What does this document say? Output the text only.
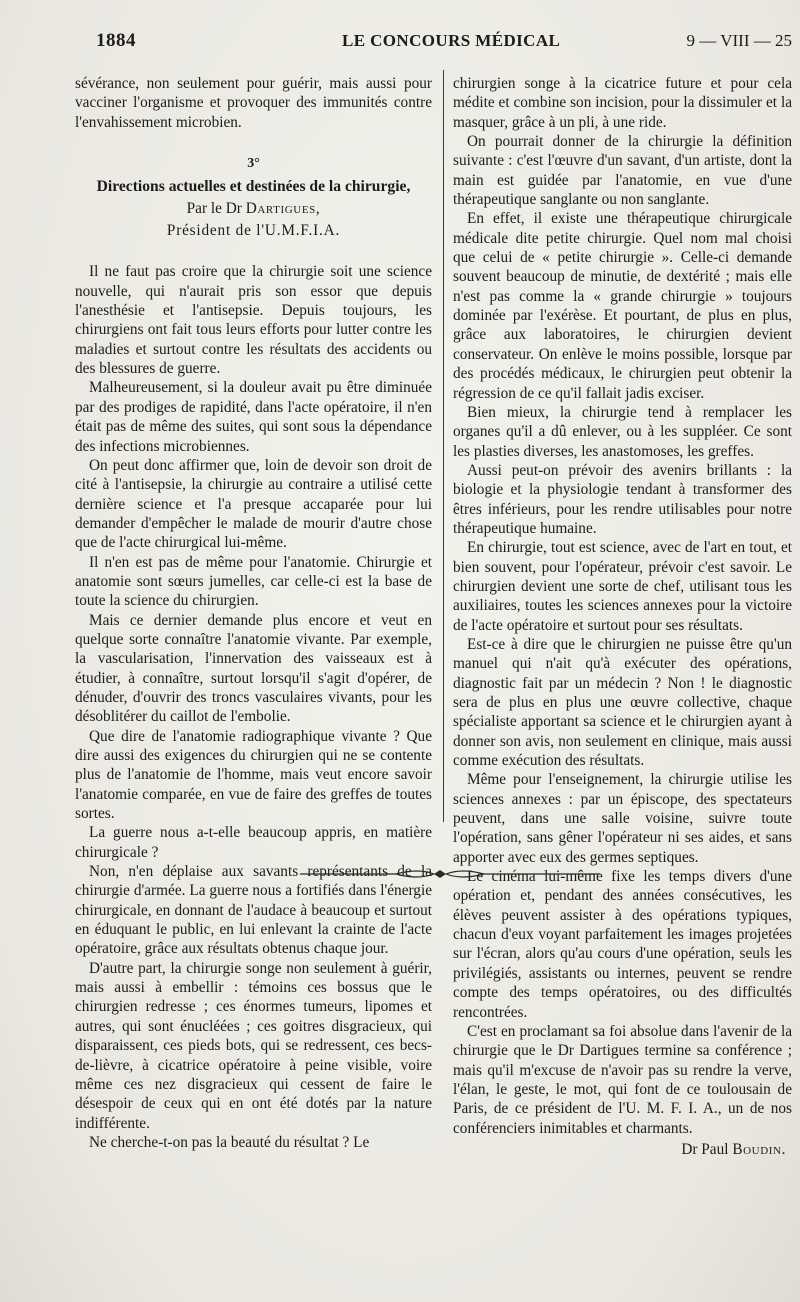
1884	LE CONCOURS MÉDICAL	9 — VIII — 25

sévérance, non seulement pour guérir, mais aussi pour vacciner l'organisme et provoquer des immunités contre l'envahissement microbien.

3°

Directions actuelles et destinées de la chirurgie,

Par le Dr Dartigues,

Président de l'U.M.F.I.A.

Il ne faut pas croire que la chirurgie soit une science nouvelle, qui n'aurait pris son essor que depuis l'anesthésie et l'antisepsie. Depuis toujours, les chirurgiens ont fait tous leurs efforts pour lutter contre les maladies et surtout contre les résultats des accidents ou des blessures de guerre.

Malheureusement, si la douleur avait pu être diminuée par des prodiges de rapidité, dans l'acte opératoire, il n'en était pas de même des suites, qui sont sous la dépendance des infections microbiennes.

On peut donc affirmer que, loin de devoir son droit de cité à l'antisepsie, la chirurgie au contraire a utilisé cette dernière science et l'a presque accaparée pour lui demander d'empêcher le malade de mourir d'autre chose que de l'acte chirurgical lui-même.

Il n'en est pas de même pour l'anatomie. Chirurgie et anatomie sont sœurs jumelles, car celle-ci est la base de toute la science du chirurgien.

Mais ce dernier demande plus encore et veut en quelque sorte connaître l'anatomie vivante. Par exemple, la vascularisation, l'innervation des vaisseaux est à étudier, à connaître, surtout lorsqu'il s'agit d'opérer, de dénuder, d'ouvrir des troncs vasculaires vivants, pour les désoblitérer du caillot de l'embolie.

Que dire de l'anatomie radiographique vivante ? Que dire aussi des exigences du chirurgien qui ne se contente plus de l'anatomie de l'homme, mais veut encore savoir l'anatomie comparée, en vue de faire des greffes de toutes sortes.

La guerre nous a-t-elle beaucoup appris, en matière chirurgicale ?

Non, n'en déplaise aux savants représentants de la chirurgie d'armée. La guerre nous a fortifiés dans l'énergie chirurgicale, en donnant de l'audace à beaucoup et surtout en éduquant le public, en lui enlevant la crainte de l'acte opératoire, grâce aux résultats obtenus chaque jour.

D'autre part, la chirurgie songe non seulement à guérir, mais aussi à embellir : témoins ces bossus que le chirurgien redresse ; ces énormes tumeurs, lipomes et autres, qui sont énucléées ; ces goitres disgracieux, qui disparaissent, ces pieds bots, qui se redressent, ces becs-de-lièvre, à cicatrice opératoire à peine visible, voire même ces nez disgracieux qui cessent de faire le désespoir de ceux qui en ont été dotés par la nature indifférente.

Ne cherche-t-on pas la beauté du résultat ? Le

chirurgien songe à la cicatrice future et pour cela médite et combine son incision, pour la dissimuler et la masquer, grâce à un pli, à une ride.

On pourrait donner de la chirurgie la définition suivante : c'est l'œuvre d'un savant, d'un artiste, dont la main est guidée par l'anatomie, en vue d'une thérapeutique sanglante ou non sanglante.

En effet, il existe une thérapeutique chirurgicale médicale dite petite chirurgie. Quel nom mal choisi que celui de « petite chirurgie ». Celle-ci demande souvent beaucoup de minutie, de dextérité ; mais elle n'est pas comme la « grande chirurgie » toujours dominée par l'exérèse. Et pourtant, de plus en plus, grâce aux laboratoires, le chirurgien devient conservateur. On enlève le moins possible, lorsque par des procédés médicaux, le chirurgien peut obtenir la régression de ce qu'il fallait jadis exciser.

Bien mieux, la chirurgie tend à remplacer les organes qu'il a dû enlever, ou à les suppléer. Ce sont les plasties diverses, les anastomoses, les greffes.

Aussi peut-on prévoir des avenirs brillants : la biologie et la physiologie tendant à transformer des êtres inférieurs, pour les rendre utilisables pour notre thérapeutique humaine.

En chirurgie, tout est science, avec de l'art en tout, et bien souvent, pour l'opérateur, prévoir c'est savoir. Le chirurgien devient une sorte de chef, utilisant tous les auxiliaires, toutes les sciences annexes pour la victoire de l'acte opératoire et surtout pour ses résultats.

Est-ce à dire que le chirurgien ne puisse être qu'un manuel qui n'ait qu'à exécuter des opérations, diagnostic fait par un médecin ? Non ! le diagnostic sera de plus en plus une œuvre collective, chaque spécialiste apportant sa science et le chirurgien ayant à donner son avis, non seulement en clinique, mais aussi comme exécution des résultats.

Même pour l'enseignement, la chirurgie utilise les sciences annexes : par un épiscope, des spectateurs peuvent, dans une salle voisine, suivre toute l'opération, sans gêner l'opérateur ni ses aides, et sans apporter avec eux des germes septiques.

Le cinéma lui-même fixe les temps divers d'une opération et, pendant des années consécutives, les élèves peuvent assister à des opérations typiques, chacun d'eux voyant parfaitement les images projetées sur l'écran, alors qu'au cours d'une opération, seuls les privilégiés, assistants ou internes, peuvent se rendre compte des temps opératoires, ou des difficultés rencontrées.

C'est en proclamant sa foi absolue dans l'avenir de la chirurgie que le Dr Dartigues termine sa conférence ; mais qu'il m'excuse de n'avoir pas su rendre la verve, l'élan, le geste, le mot, qui font de ce toulousain de Paris, de ce président de l'U. M. F. I. A., un de nos conférenciers inimitables et charmants.

Dr Paul Boudin.
